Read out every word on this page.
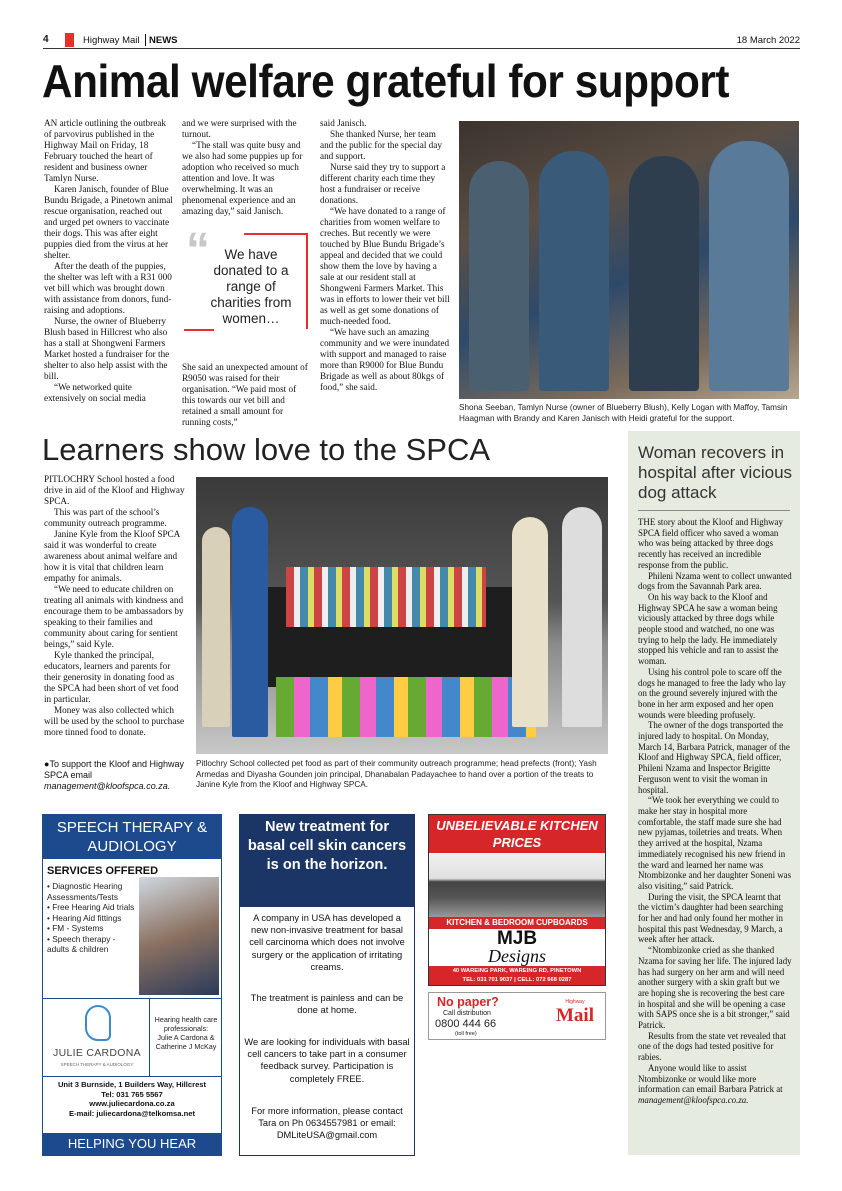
4	Highway Mail NEWS	18 March 2022
Animal welfare grateful for support

AN article outlining the outbreak of parvovirus published in the Highway Mail on Friday, 18 February touched the heart of resident and business owner Tamlyn Nurse.

Karen Janisch, founder of Blue Bundu Brigade, a Pinetown animal rescue organisation, reached out and urged pet owners to vaccinate their dogs. This was after eight puppies died from the virus at her shelter.

After the death of the puppies, the shelter was left with a R31 000 vet bill which was brought down with assistance from donors, fund-raising and adoptions.

Nurse, the owner of Blueberry Blush based in Hillcrest who also has a stall at Shongweni Farmers Market hosted a fundraiser for the shelter to also help assist with the bill.

“We networked quite extensively on social media

and we were surprised with the turnout.

“The stall was quite busy and we also had some puppies up for adoption who received so much attention and love. It was overwhelming. It was an phenomenal experience and an amazing day,” said Janisch.

“	We have donated to a range of charities from women…

She said an unexpected amount of R9050 was raised for their organisation. “We paid most of this towards our vet bill and retained a small amount for running costs,”

said Janisch.

She thanked Nurse, her team and the public for the special day and support.

Nurse said they try to support a different charity each time they host a fundraiser or receive donations.

“We have donated to a range of charities from women welfare to creches. But recently we were touched by Blue Bundu Brigade’s appeal and decided that we could show them the love by having a sale at our resident stall at Shongweni Farmers Market. This was in efforts to lower their vet bill as well as get some donations of much-needed food.

“We have such an amazing community and we were inundated with support and managed to raise more than R9000 for Blue Bundu Brigade as well as about 80kgs of food,” she said.

Shona Seeban, Tamlyn Nurse (owner of Blueberry Blush), Kelly Logan with Maffoy, Tamsin Haagman with Brandy and Karen Janisch with Heidi grateful for the support.
Learners show love to the SPCA

PITLOCHRY School hosted a food drive in aid of the Kloof and Highway SPCA.

This was part of the school’s community outreach programme.

Janine Kyle from the Kloof SPCA said it was wonderful to create awareness about animal welfare and how it is vital that children learn empathy for animals.

“We need to educate children on treating all animals with kindness and encourage them to be ambassadors by speaking to their families and community about caring for sentient beings,” said Kyle.

Kyle thanked the principal, educators, learners and parents for their generosity in donating food as the SPCA had been short of vet food in particular.

Money was also collected which will be used by the school to purchase more tinned food to donate.

●To support the Kloof and Highway SPCA email management@kloofspca.co.za.
Pitlochry School collected pet food as part of their community outreach programme; head prefects (front); Yash Armedas and Diyasha Gounden join principal, Dhanabalan Padayachee to hand over a portion of the treats to Janine Kyle from the Kloof and Highway SPCA.
Woman recovers in hospital after vicious dog attack

THE story about the Kloof and Highway SPCA field officer who saved a woman who was being attacked by three dogs recently has received an incredible response from the public.

Phileni Nzama went to collect unwanted dogs from the Savannah Park area.

On his way back to the Kloof and Highway SPCA he saw a woman being viciously attacked by three dogs while people stood and watched, no one was trying to help the lady. He immediately stopped his vehicle and ran to assist the woman.

Using his control pole to scare off the dogs he managed to free the lady who lay on the ground severely injured with the bone in her arm exposed and her open wounds were bleeding profusely.

The owner of the dogs transported the injured lady to hospital. On Monday, March 14, Barbara Patrick, manager of the Kloof and Highway SPCA, field officer, Phileni Nzama and Inspector Brigitte Ferguson went to visit the woman in hospital.

“We took her everything we could to make her stay in hospital more comfortable, the staff made sure she had new pyjamas, toiletries and treats. When they arrived at the hospital, Nzama immediately recognised his new friend in the ward and learned her name was Ntombizonke and her daughter Soneni was also visiting,” said Patrick.

During the visit, the SPCA learnt that the victim’s daughter had been searching for her and had only found her mother in hospital this past Wednesday, 9 March, a week after her attack.

“Ntombizonke cried as she thanked Nzama for saving her life. The injured lady has had surgery on her arm and will need another surgery with a skin graft but we are hoping she is recovering the best care in hospital and she will be opening a case with SAPS once she is a bit stronger,” said Patrick.

Results from the state vet revealed that one of the dogs had tested positive for rabies.

Anyone would like to assist Ntombizonke or would like more information can email Barbara Patrick at management@kloofspca.co.za.

SPEECH THERAPY & AUDIOLOGY
SERVICES OFFERED
• Diagnostic Hearing Assessments/Tests
• Free Hearing Aid trials
• Hearing Aid fittings
• FM - Systems
• Speech therapy - adults & children
JULIE CARDONA
SPEECH THERAPY & AUDIOLOGY
Hearing health care professionals:
Julie A Cardona & Catherine J McKay
Unit 3 Burnside, 1 Builders Way, Hillcrest
Tel: 031 765 5567
www.juliecardona.co.za
E-mail: juliecardona@telkomsa.net
HELPING YOU HEAR
New treatment for basal cell skin cancers is on the horizon.
A company in USA has developed a new non-invasive treatment for basal cell carcinoma which does not involve surgery or the application of irritating creams.
The treatment is painless and can be done at home.
We are looking for individuals with basal cell cancers to take part in a consumer feedback survey. Participation is completely FREE.
For more information, please contact Tara on Ph 0634557981 or email: DMLiteUSA@gmail.com
UNBELIEVABLE KITCHEN PRICES
KITCHEN & BEDROOM CUPBOARDS
MJB
Designs
40 WAREING PARK, WAREING RD, PINETOWN
TEL: 031 701 9037 | CELL: 072 668 0287
No paper?
Call distribution
0800 444 66
(toll free)
Highway
Mail
